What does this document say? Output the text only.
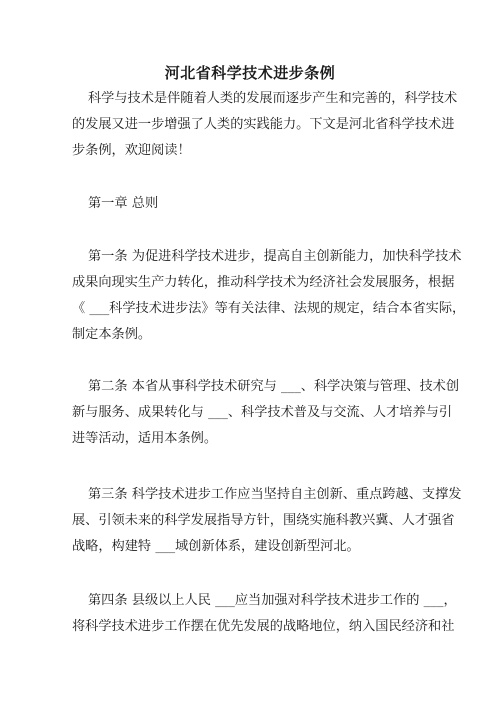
河北省科学技术进步条例

科学与技术是伴随着人类的发展而逐步产生和完善的，科学技术

的发展又进一步增强了人类的实践能力。下文是河北省科学技术进

步条例，欢迎阅读！

第一章 总则

第一条 为促进科学技术进步，提高自主创新能力，加快科学技术

成果向现实生产力转化，推动科学技术为经济社会发展服务，根据

《 ___科学技术进步法》等有关法律、法规的规定，结合本省实际，

制定本条例。

第二条 本省从事科学技术研究与 ___、科学决策与管理、技术创

新与服务、成果转化与 ___、科学技术普及与交流、人才培养与引

进等活动，适用本条例。

第三条 科学技术进步工作应当坚持自主创新、重点跨越、支撑发

展、引领未来的科学发展指导方针，围绕实施科教兴冀、人才强省

战略，构建特 ___域创新体系，建设创新型河北。

第四条 县级以上人民 ___应当加强对科学技术进步工作的 ___，

将科学技术进步工作摆在优先发展的战略地位，纳入国民经济和社
